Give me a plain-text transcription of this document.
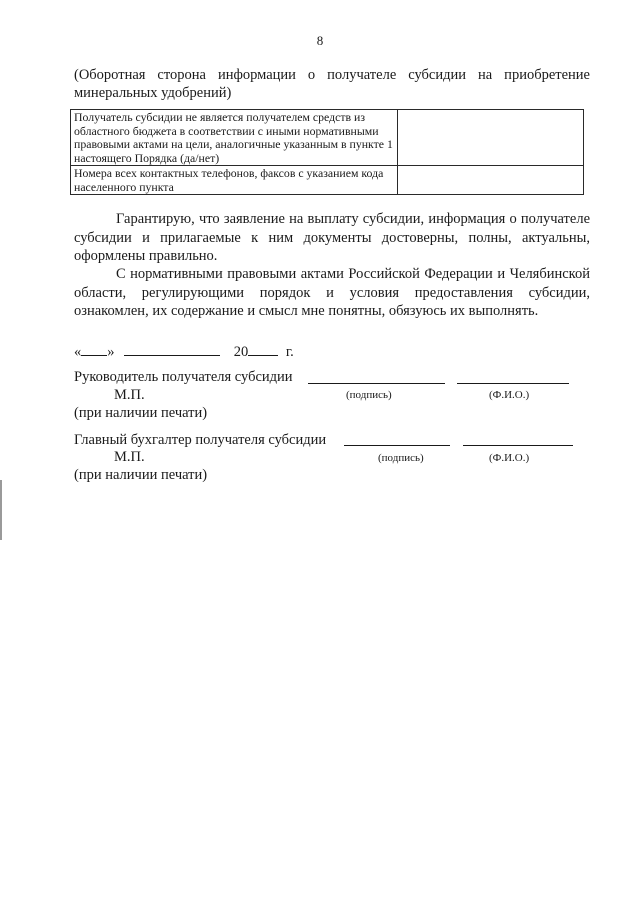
8
(Оборотная сторона информации о получателе субсидии на приобретение минеральных удобрений)
Получатель субсидии не является получателем средств из областного бюджета в соответствии с иными нормативными правовыми актами на цели, аналогичные указанным в пункте 1 настоящего Порядка (да/нет)	
Номера всех контактных телефонов, факсов с указанием кода населенного пункта	
Гарантирую, что заявление на выплату субсидии, информация о получателе субсидии и прилагаемые к ним документы достоверны, полны, актуальны, оформлены правильно.
С нормативными правовыми актами Российской Федерации и Челябинской области, регулирующими порядок и условия предоставления субсидии, ознакомлен, их содержание и смысл мне понятны, обязуюсь их выполнять.
« »	20	г.
Руководитель получателя субсидии
М.П.	(подпись)	(Ф.И.О.)
(при наличии печати)
Главный бухгалтер получателя субсидии
М.П.	(подпись)	(Ф.И.О.)
(при наличии печати)
